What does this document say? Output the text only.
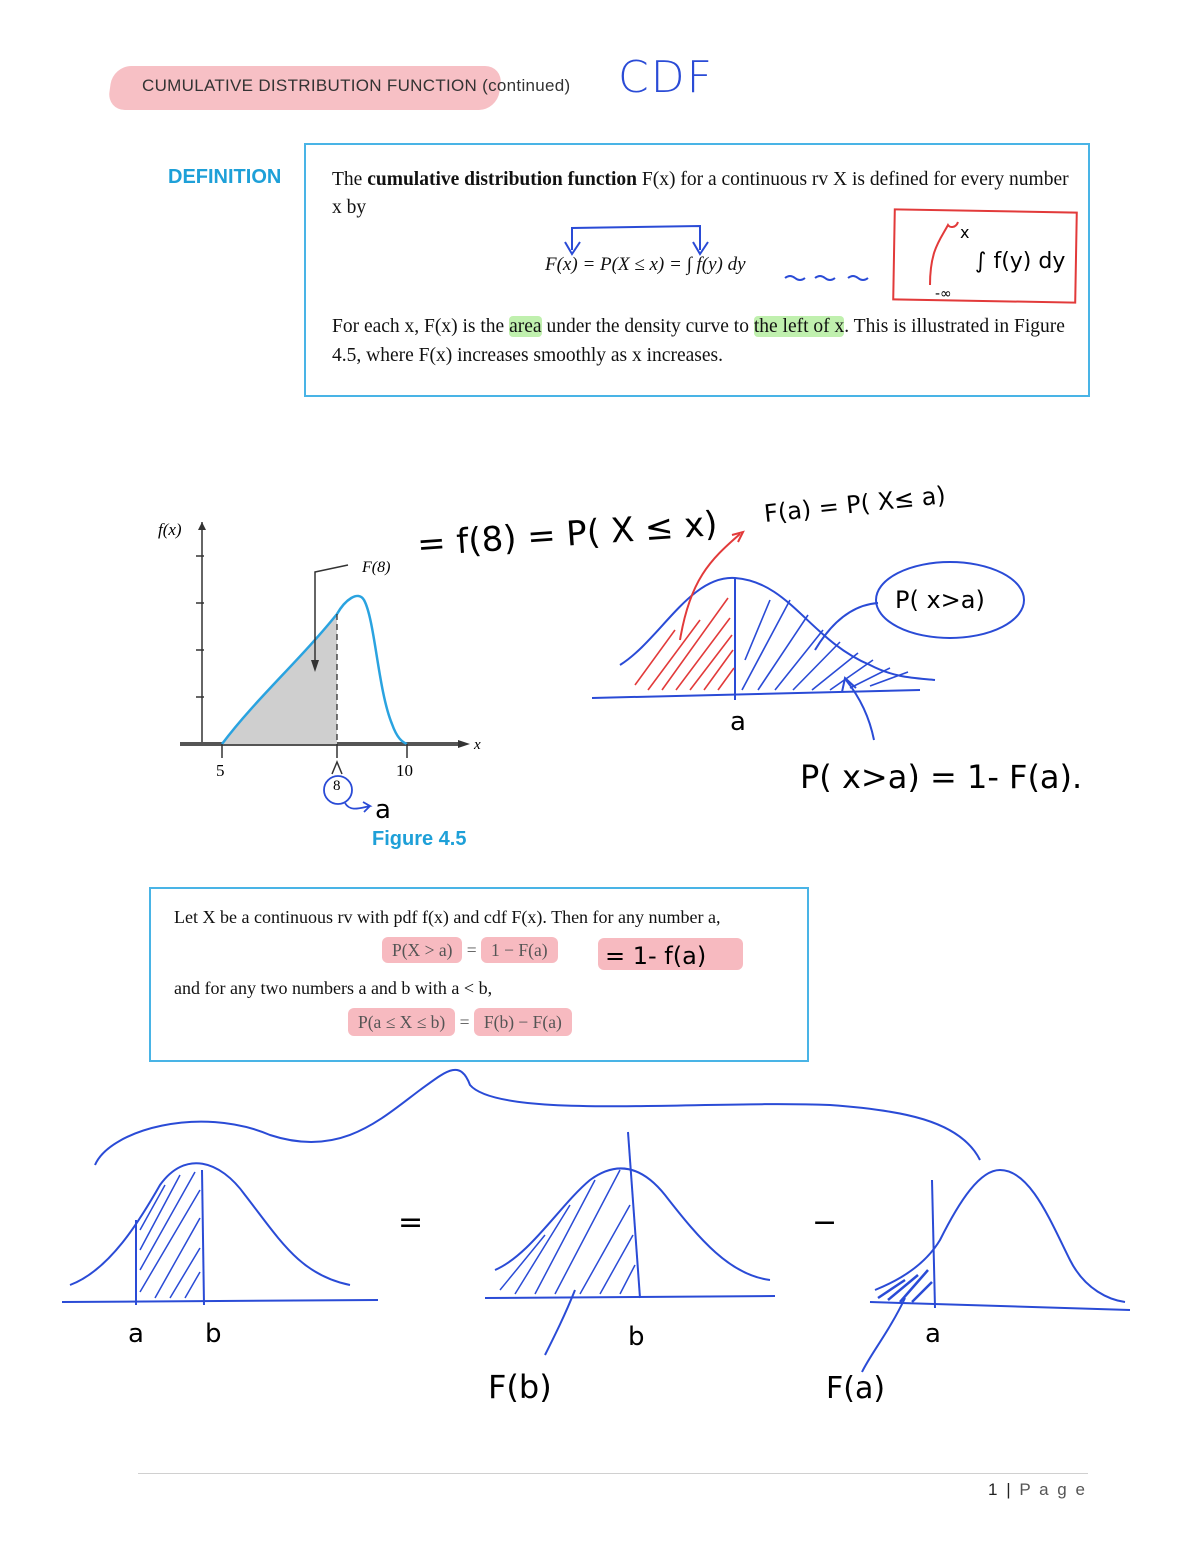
CUMULATIVE DISTRIBUTION FUNCTION (continued) CDF
DEFINITION	The cumulative distribution function F(x) for a continuous rv X is defined for every number x by
F(x) = P(X ≤ x) = ∫ f(y) dy
For each x, F(x) is the area under the density curve to the left of x. This is illustrated in Figure 4.5, where F(x) increases smoothly as x increases.
Figure 4.5
Let X be a continuous rv with pdf f(x) and cdf F(x). Then for any number a,
P(X > a) = 1 − F(a)
and for any two numbers a and b with a < b,
P(a ≤ X ≤ b) = F(b) − F(a)
x
-∞
∫ f(y) dy
f(x)
x
F(8)
5
8
10
a
= f(8) = P( X ≤ x) F(a) = P( X≤ a)
P( x>a)
a
P( x>a) = 1- F(a).
= 1- f(a)
a b
=
b
F(b)
−
a
F(a)
1 | P a g e
